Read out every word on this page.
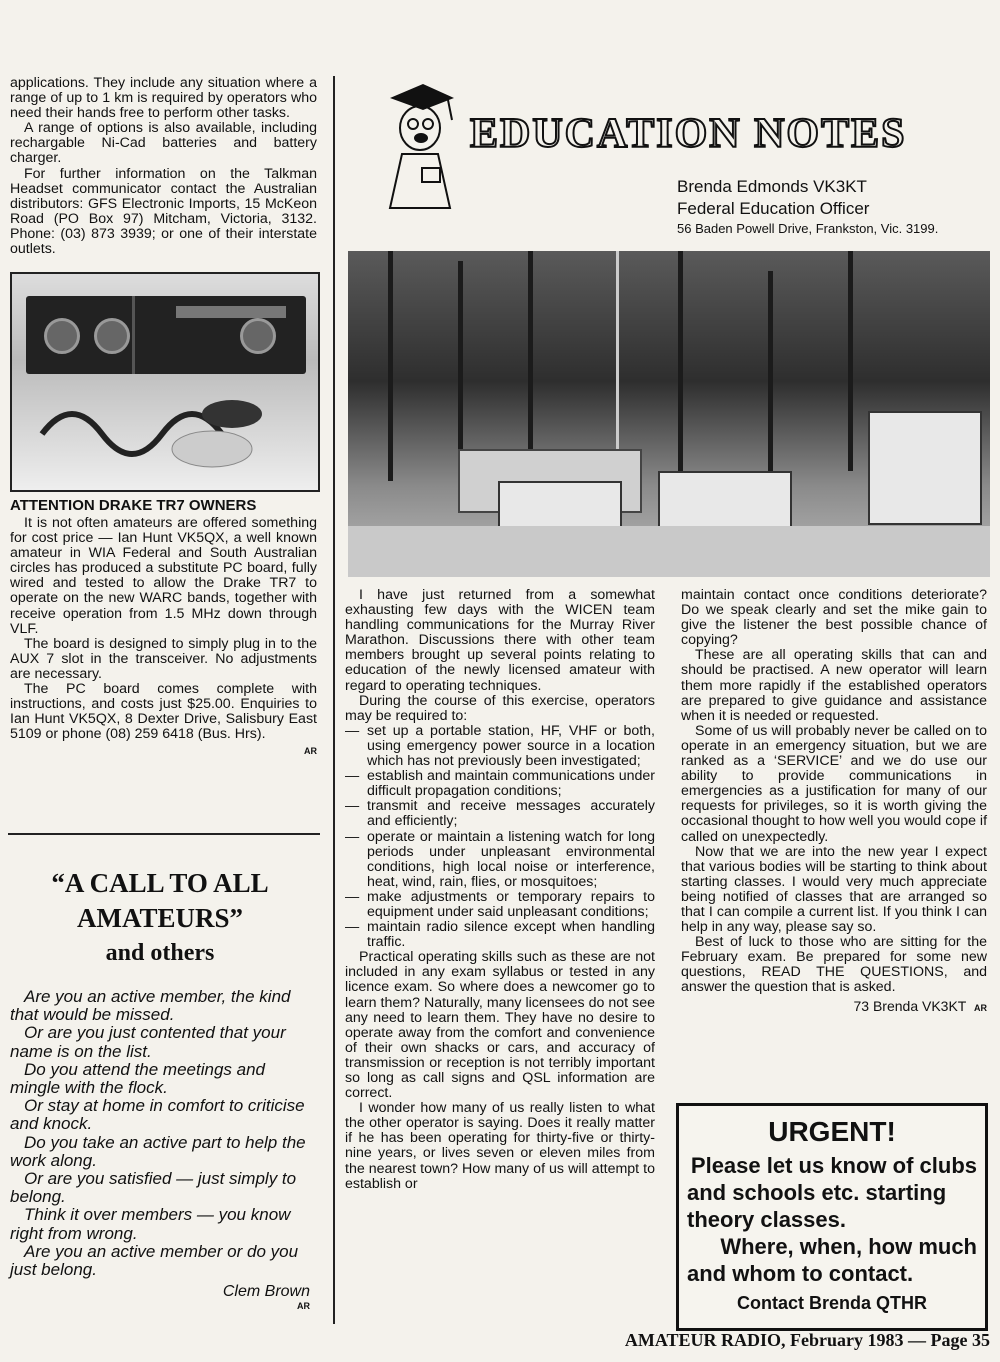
applications. They include any situation where a range of up to 1 km is required by operators who need their hands free to perform other tasks.

A range of options is also available, including rechargable Ni-Cad batteries and battery charger.

For further information on the Talkman Headset communicator contact the Australian distributors: GFS Electronic Imports, 15 McKeon Road (PO Box 97) Mitcham, Victoria, 3132. Phone: (03) 873 3939; or one of their interstate outlets.

ATTENTION DRAKE TR7 OWNERS

It is not often amateurs are offered something for cost price — Ian Hunt VK5QX, a well known amateur in WIA Federal and South Australian circles has produced a substitute PC board, fully wired and tested to allow the Drake TR7 to operate on the new WARC bands, together with receive operation from 1.5 MHz down through VLF.

The board is designed to simply plug in to the AUX 7 slot in the transceiver. No adjustments are necessary.

The PC board comes complete with instructions, and costs just $25.00. Enquiries to Ian Hunt VK5QX, 8 Dexter Drive, Salisbury East 5109 or phone (08) 259 6418 (Bus. Hrs).

AR
“A CALL TO ALL
AMATEURS”
and others

Are you an active member, the kind that would be missed.

Or are you just contented that your name is on the list.

Do you attend the meetings and mingle with the flock.

Or stay at home in comfort to criticise and knock.

Do you take an active part to help the work along.

Or are you satisfied — just simply to belong.

Think it over members — you know right from wrong.

Are you an active member or do you just belong.

Clem Brown
AR
EDUCATION NOTES
Brenda Edmonds VK3KT
Federal Education Officer
56 Baden Powell Drive, Frankston, Vic. 3199.

I have just returned from a somewhat exhausting few days with the WICEN team handling communications for the Murray River Marathon. Discussions there with other team members brought up several points relating to education of the newly licensed amateur with regard to operating techniques.

During the course of this exercise, operators may be required to:

— set up a portable station, HF, VHF or both, using emergency power source in a location which has not previously been investigated;
— establish and maintain communications under difficult propagation conditions;
— transmit and receive messages accurately and efficiently;
— operate or maintain a listening watch for long periods under unpleasant environmental conditions, high local noise or interference, heat, wind, rain, flies, or mosquitoes;
— make adjustments or temporary repairs to equipment under said unpleasant conditions;
— maintain radio silence except when handling traffic.

Practical operating skills such as these are not included in any exam syllabus or tested in any licence exam. So where does a newcomer go to learn them? Naturally, many licensees do not see any need to learn them. They have no desire to operate away from the comfort and convenience of their own shacks or cars, and accuracy of transmission or reception is not terribly important so long as call signs and QSL information are correct.

I wonder how many of us really listen to what the other operator is saying. Does it really matter if he has been operating for thirty-five or thirty-nine years, or lives seven or eleven miles from the nearest town? How many of us will attempt to establish or

maintain contact once conditions deteriorate? Do we speak clearly and set the mike gain to give the listener the best possible chance of copying?

These are all operating skills that can and should be practised. A new operator will learn them more rapidly if the established operators are prepared to give guidance and assistance when it is needed or requested.

Some of us will probably never be called on to operate in an emergency situation, but we are ranked as a ‘SERVICE’ and we do use our ability to provide communications in emergencies as a justification for many of our requests for privileges, so it is worth giving the occasional thought to how well you would cope if called on unexpectedly.

Now that we are into the new year I expect that various bodies will be starting to think about starting classes. I would very much appreciate being notified of classes that are arranged so that I can compile a current list. If you think I can help in any way, please say so.

Best of luck to those who are sitting for the February exam. Be prepared for some new questions, READ THE QUESTIONS, and answer the question that is asked.

73 Brenda VK3KT AR
URGENT!
Please let us know of clubs
and schools etc. starting
theory classes.
Where, when, how much
and whom to contact.
Contact Brenda QTHR
AMATEUR RADIO, February 1983 — Page 35
